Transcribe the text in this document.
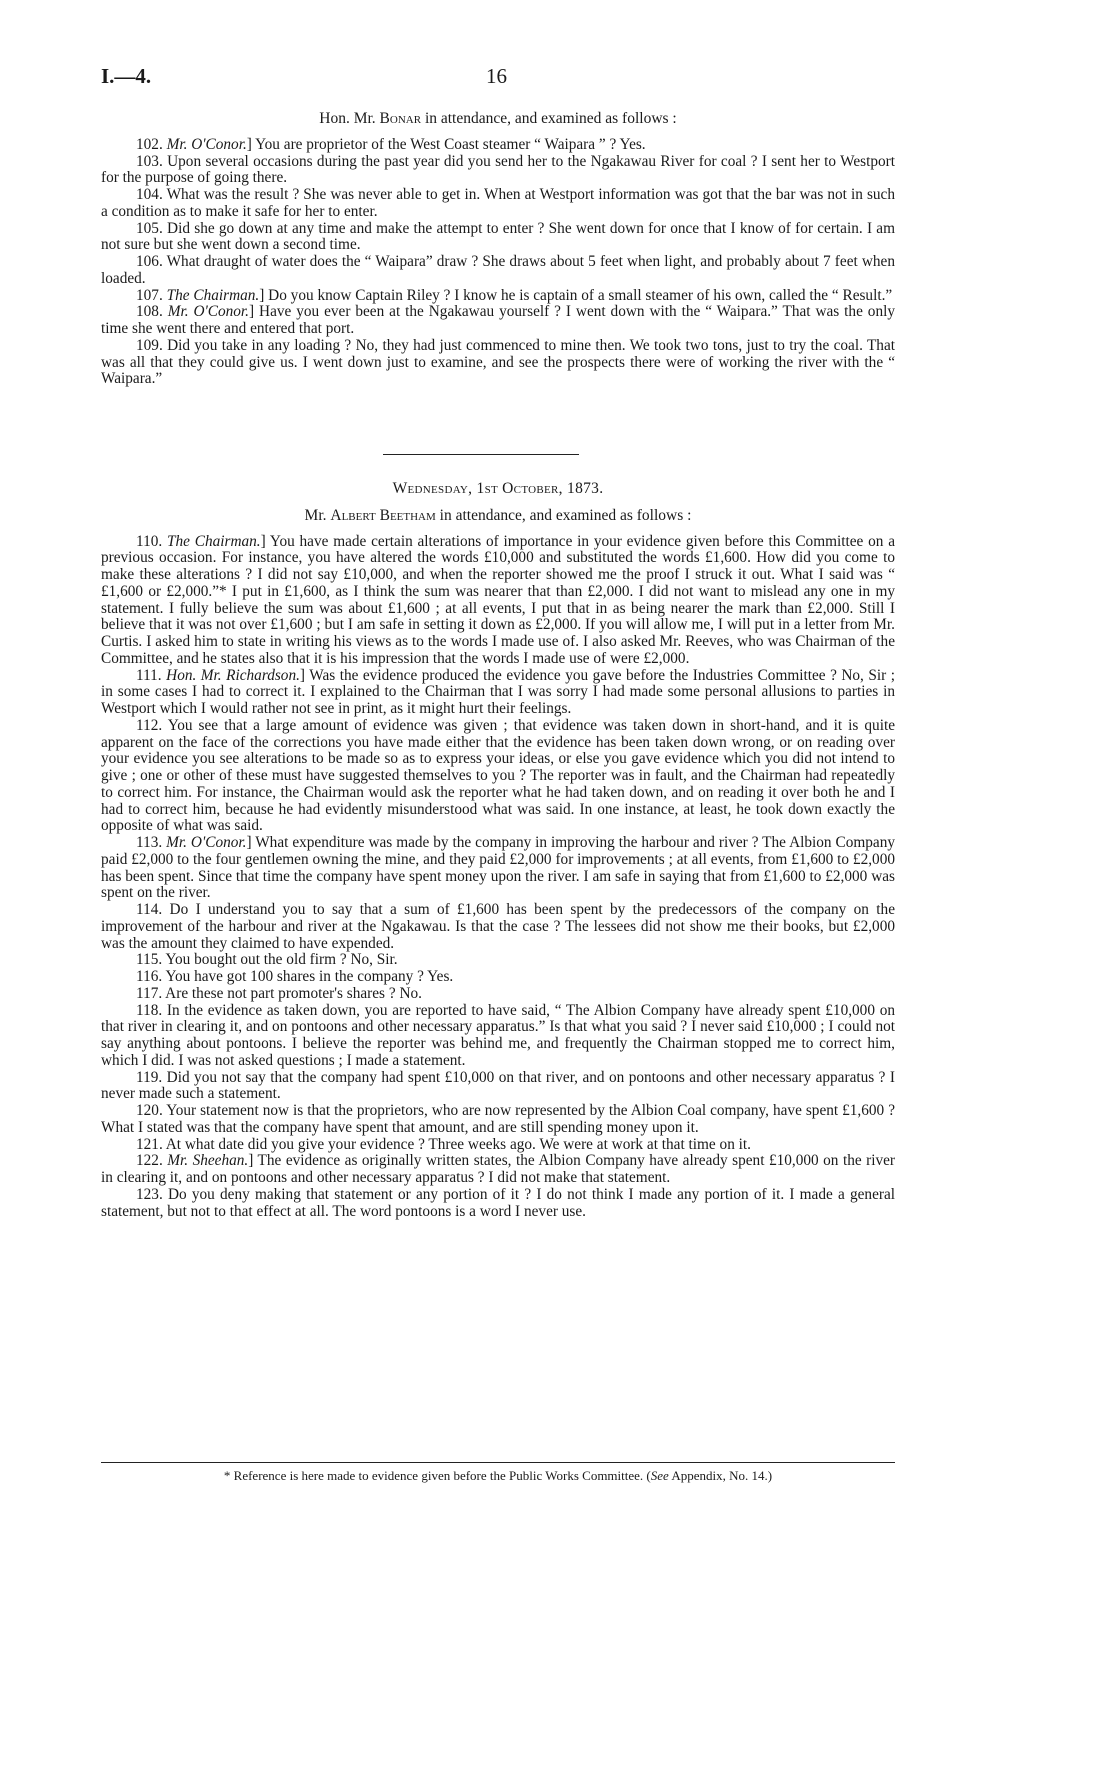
I.—4.	16
Hon. Mr. Bonar in attendance, and examined as follows :

102. Mr. O'Conor.] You are proprietor of the West Coast steamer “ Waipara ” ? Yes.

103. Upon several occasions during the past year did you send her to the Ngakawau River for coal ? I sent her to Westport for the purpose of going there.

104. What was the result ? She was never able to get in. When at Westport information was got that the bar was not in such a condition as to make it safe for her to enter.

105. Did she go down at any time and make the attempt to enter ? She went down for once that I know of for certain. I am not sure but she went down a second time.

106. What draught of water does the “ Waipara” draw ? She draws about 5 feet when light, and probably about 7 feet when loaded.

107. The Chairman.] Do you know Captain Riley ? I know he is captain of a small steamer of his own, called the “ Result.”

108. Mr. O'Conor.] Have you ever been at the Ngakawau yourself ? I went down with the “ Waipara.” That was the only time she went there and entered that port.

109. Did you take in any loading ? No, they had just commenced to mine then. We took two tons, just to try the coal. That was all that they could give us. I went down just to examine, and see the prospects there were of working the river with the “ Waipara.”

Wednesday, 1st October, 1873.
Mr. Albert Beetham in attendance, and examined as follows :

110. The Chairman.] You have made certain alterations of importance in your evidence given before this Committee on a previous occasion. For instance, you have altered the words £10,000 and substituted the words £1,600. How did you come to make these alterations ? I did not say £10,000, and when the reporter showed me the proof I struck it out. What I said was “ £1,600 or £2,000.”* I put in £1,600, as I think the sum was nearer that than £2,000. I did not want to mislead any one in my statement. I fully believe the sum was about £1,600 ; at all events, I put that in as being nearer the mark than £2,000. Still I believe that it was not over £1,600 ; but I am safe in setting it down as £2,000. If you will allow me, I will put in a letter from Mr. Curtis. I asked him to state in writing his views as to the words I made use of. I also asked Mr. Reeves, who was Chairman of the Committee, and he states also that it is his impression that the words I made use of were £2,000.

111. Hon. Mr. Richardson.] Was the evidence produced the evidence you gave before the Industries Committee ? No, Sir ; in some cases I had to correct it. I explained to the Chairman that I was sorry I had made some personal allusions to parties in Westport which I would rather not see in print, as it might hurt their feelings.

112. You see that a large amount of evidence was given ; that evidence was taken down in short-hand, and it is quite apparent on the face of the corrections you have made either that the evidence has been taken down wrong, or on reading over your evidence you see alterations to be made so as to express your ideas, or else you gave evidence which you did not intend to give ; one or other of these must have suggested themselves to you ? The reporter was in fault, and the Chairman had repeatedly to correct him. For instance, the Chairman would ask the reporter what he had taken down, and on reading it over both he and I had to correct him, because he had evidently misunderstood what was said. In one instance, at least, he took down exactly the opposite of what was said.

113. Mr. O'Conor.] What expenditure was made by the company in improving the harbour and river ? The Albion Company paid £2,000 to the four gentlemen owning the mine, and they paid £2,000 for improvements ; at all events, from £1,600 to £2,000 has been spent. Since that time the company have spent money upon the river. I am safe in saying that from £1,600 to £2,000 was spent on the river.

114. Do I understand you to say that a sum of £1,600 has been spent by the predecessors of the company on the improvement of the harbour and river at the Ngakawau. Is that the case ? The lessees did not show me their books, but £2,000 was the amount they claimed to have expended.

115. You bought out the old firm ? No, Sir.

116. You have got 100 shares in the company ? Yes.

117. Are these not part promoter's shares ? No.

118. In the evidence as taken down, you are reported to have said, “ The Albion Company have already spent £10,000 on that river in clearing it, and on pontoons and other necessary apparatus.” Is that what you said ? I never said £10,000 ; I could not say anything about pontoons. I believe the reporter was behind me, and frequently the Chairman stopped me to correct him, which I did. I was not asked questions ; I made a statement.

119. Did you not say that the company had spent £10,000 on that river, and on pontoons and other necessary apparatus ? I never made such a statement.

120. Your statement now is that the proprietors, who are now represented by the Albion Coal company, have spent £1,600 ? What I stated was that the company have spent that amount, and are still spending money upon it.

121. At what date did you give your evidence ? Three weeks ago. We were at work at that time on it.

122. Mr. Sheehan.] The evidence as originally written states, the Albion Company have already spent £10,000 on the river in clearing it, and on pontoons and other necessary apparatus ? I did not make that statement.

123. Do you deny making that statement or any portion of it ? I do not think I made any portion of it. I made a general statement, but not to that effect at all. The word pontoons is a word I never use.

* Reference is here made to evidence given before the Public Works Committee. (See Appendix, No. 14.)
